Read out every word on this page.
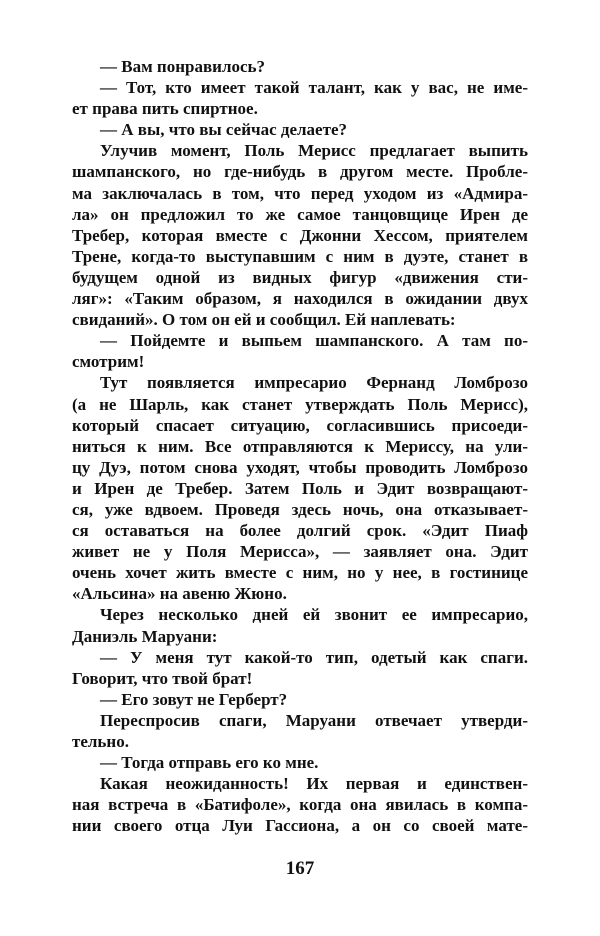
— Вам понравилось?
— Тот, кто имеет такой талант, как у вас, не име-
ет права пить спиртное.
— А вы, что вы сейчас делаете?
Улучив момент, Поль Мерисс предлагает выпить
шампанского, но где-нибудь в другом месте. Пробле-
ма заключалась в том, что перед уходом из «Адмира-
ла» он предложил то же самое танцовщице Ирен де
Требер, которая вместе с Джонни Хессом, приятелем
Трене, когда-то выступавшим с ним в дуэте, станет в
будущем одной из видных фигур «движения сти-
ляг»: «Таким образом, я находился в ожидании двух
свиданий». О том он ей и сообщил. Ей наплевать:
— Пойдемте и выпьем шампанского. А там по-
смотрим!
Тут появляется импресарио Фернанд Ломброзо
(а не Шарль, как станет утверждать Поль Мерисс),
который спасает ситуацию, согласившись присоеди-
ниться к ним. Все отправляются к Мериссу, на ули-
цу Дуэ, потом снова уходят, чтобы проводить Ломброзо
и Ирен де Требер. Затем Поль и Эдит возвращают-
ся, уже вдвоем. Проведя здесь ночь, она отказывает-
ся оставаться на более долгий срок. «Эдит Пиаф
живет не у Поля Мерисса», — заявляет она. Эдит
очень хочет жить вместе с ним, но у нее, в гостинице
«Альсина» на авеню Жюно.
Через несколько дней ей звонит ее импресарио,
Даниэль Маруани:
— У меня тут какой-то тип, одетый как спаги.
Говорит, что твой брат!
— Его зовут не Герберт?
Переспросив спаги, Маруани отвечает утверди-
тельно.
— Тогда отправь его ко мне.
Какая неожиданность! Их первая и единствен-
ная встреча в «Батифоле», когда она явилась в компа-
нии своего отца Луи Гассиона, а он со своей мате-
167
